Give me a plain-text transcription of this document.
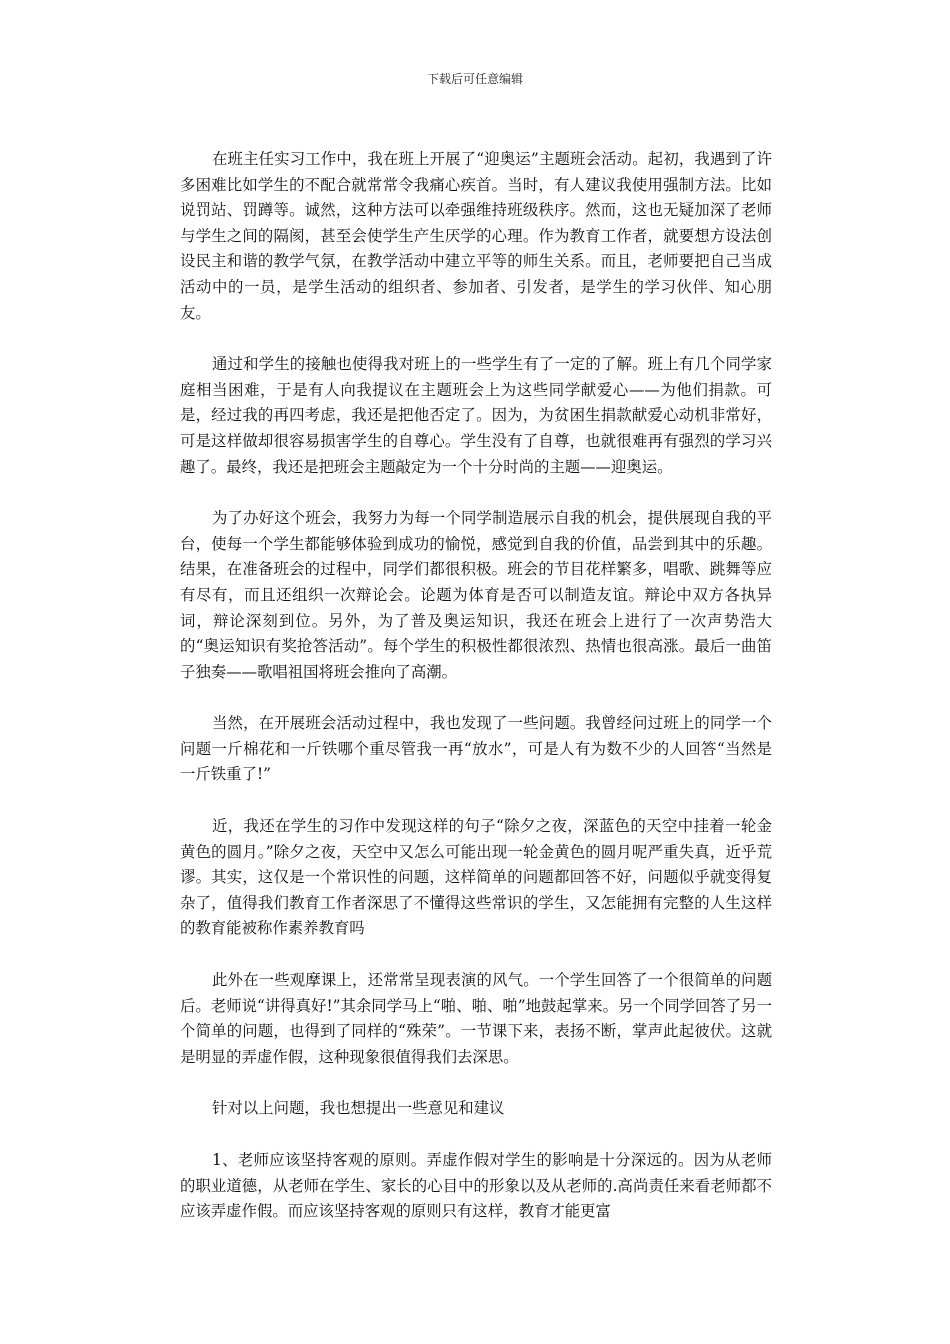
下载后可任意编辑

在班主任实习工作中，我在班上开展了“迎奥运”主题班会活动。起初，我遇到了许多困难比如学生的不配合就常常令我痛心疾首。当时，有人建议我使用强制方法。比如说罚站、罚蹲等。诚然，这种方法可以牵强维持班级秩序。然而，这也无疑加深了老师与学生之间的隔阂，甚至会使学生产生厌学的心理。作为教育工作者，就要想方设法创设民主和谐的教学气氛，在教学活动中建立平等的师生关系。而且，老师要把自己当成活动中的一员，是学生活动的组织者、参加者、引发者，是学生的学习伙伴、知心朋友。

通过和学生的接触也使得我对班上的一些学生有了一定的了解。班上有几个同学家庭相当困难，于是有人向我提议在主题班会上为这些同学献爱心——为他们捐款。可是，经过我的再四考虑，我还是把他否定了。因为，为贫困生捐款献爱心动机非常好，可是这样做却很容易损害学生的自尊心。学生没有了自尊，也就很难再有强烈的学习兴趣了。最终，我还是把班会主题敲定为一个十分时尚的主题——迎奥运。

为了办好这个班会，我努力为每一个同学制造展示自我的机会，提供展现自我的平台，使每一个学生都能够体验到成功的愉悦，感觉到自我的价值，品尝到其中的乐趣。结果，在准备班会的过程中，同学们都很积极。班会的节目花样繁多，唱歌、跳舞等应有尽有，而且还组织一次辩论会。论题为体育是否可以制造友谊。辩论中双方各执异词，辩论深刻到位。另外，为了普及奥运知识，我还在班会上进行了一次声势浩大的“奥运知识有奖抢答活动”。每个学生的积极性都很浓烈、热情也很高涨。最后一曲笛子独奏——歌唱祖国将班会推向了高潮。

当然，在开展班会活动过程中，我也发现了一些问题。我曾经问过班上的同学一个问题一斤棉花和一斤铁哪个重尽管我一再“放水”，可是人有为数不少的人回答“当然是一斤铁重了!”

近，我还在学生的习作中发现这样的句子“除夕之夜，深蓝色的天空中挂着一轮金黄色的圆月。”除夕之夜，天空中又怎么可能出现一轮金黄色的圆月呢严重失真，近乎荒谬。其实，这仅是一个常识性的问题，这样简单的问题都回答不好，问题似乎就变得复杂了，值得我们教育工作者深思了不懂得这些常识的学生，又怎能拥有完整的人生这样的教育能被称作素养教育吗

此外在一些观摩课上，还常常呈现表演的风气。一个学生回答了一个很简单的问题后。老师说“讲得真好!”其余同学马上“啪、啪、啪”地鼓起掌来。另一个同学回答了另一个简单的问题，也得到了同样的“殊荣”。一节课下来，表扬不断，掌声此起彼伏。这就是明显的弄虚作假，这种现象很值得我们去深思。

针对以上问题，我也想提出一些意见和建议

1、老师应该坚持客观的原则。弄虚作假对学生的影响是十分深远的。因为从老师的职业道德，从老师在学生、家长的心目中的形象以及从老师的.高尚责任来看老师都不应该弄虚作假。而应该坚持客观的原则只有这样，教育才能更富
